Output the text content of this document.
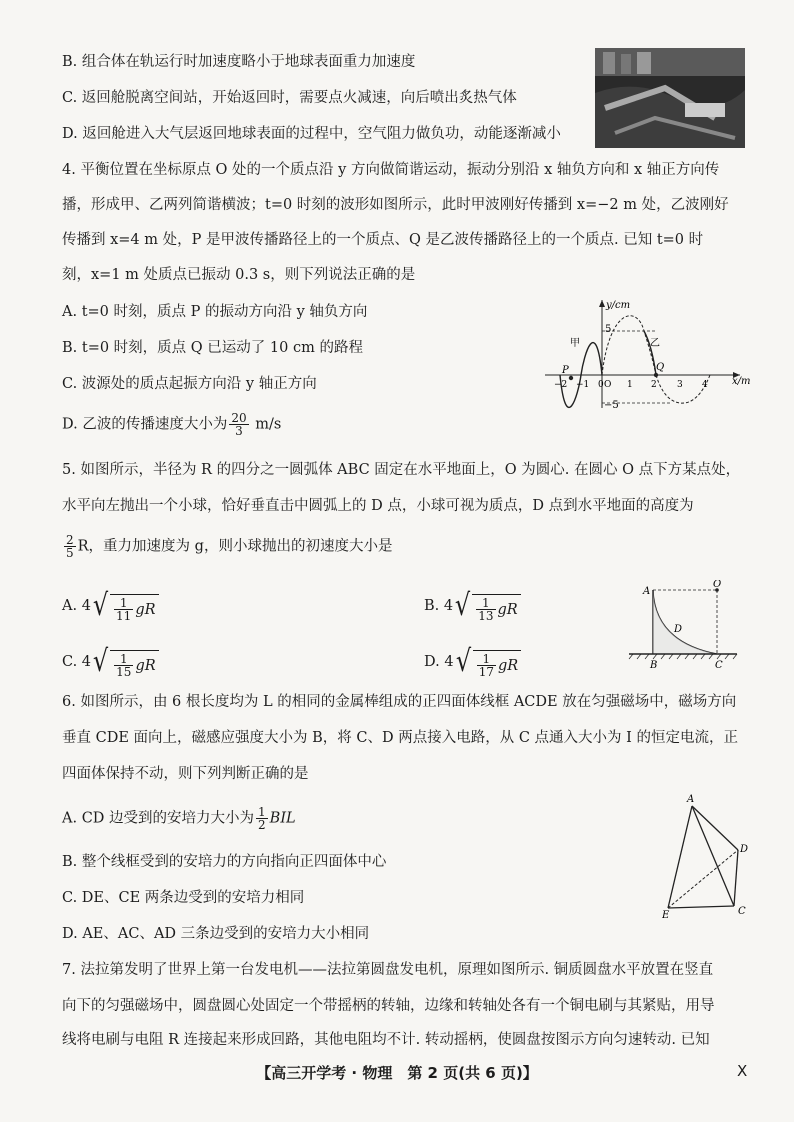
B. 组合体在轨运行时加速度略小于地球表面重力加速度
C. 返回舱脱离空间站，开始返回时，需要点火减速，向后喷出炙热气体
D. 返回舱进入大气层返回地球表面的过程中，空气阻力做负功，动能逐渐减小
4. 平衡位置在坐标原点 O 处的一个质点沿 y 方向做简谐运动，振动分别沿 x 轴负方向和 x 轴正方向传
播，形成甲、乙两列简谐横波；t=0 时刻的波形如图所示，此时甲波刚好传播到 x=−2 m 处，乙波刚好
传播到 x=4 m 处，P 是甲波传播路径上的一个质点、Q 是乙波传播路径上的一个质点. 已知 t=0 时
刻，x=1 m 处质点已振动 0.3 s，则下列说法正确的是
A. t=0 时刻，质点 P 的振动方向沿 y 轴负方向
B. t=0 时刻，质点 Q 已运动了 10 cm 的路程
C. 波源处的质点起振方向沿 y 轴正方向
D. 乙波的传播速度大小为 $\frac{20}{3} m/s$
y/cm
x/m
5
−5
−2 −1 O 1 2 3 4
甲	乙
P	Q
0
5. 如图所示，半径为 R 的四分之一圆弧体 ABC 固定在水平地面上，O 为圆心. 在圆心 O 点下方某点处，
水平向左抛出一个小球，恰好垂直击中圆弧上的 D 点，小球可视为质点，D 点到水平地面的高度为
$\frac{2}{5}$ R，重力加速度为 g，则小球抛出的初速度大小是
A. 4 √ $\frac{1}{11}$ gR	B. 4 √ $\frac{1}{13}$ gR
C. 4 √ $\frac{1}{15}$ gR	D. 4 √ $\frac{1}{17}$ gR
A
O
D
B	C
6. 如图所示，由 6 根长度均为 L 的相同的金属棒组成的正四面体线框 ACDE 放在匀强磁场中，磁场方向
垂直 CDE 面向上，磁感应强度大小为 B，将 C、D 两点接入电路，从 C 点通入大小为 I 的恒定电流，正
四面体保持不动，则下列判断正确的是
A. CD 边受到的安培力大小为 $\frac{1}{2}$ BIL
B. 整个线框受到的安培力的方向指向正四面体中心
C. DE、CE 两条边受到的安培力相同
D. AE、AC、AD 三条边受到的安培力大小相同
A
D
E	C
7. 法拉第发明了世界上第一台发电机——法拉第圆盘发电机，原理如图所示. 铜质圆盘水平放置在竖直
向下的匀强磁场中，圆盘圆心处固定一个带摇柄的转轴，边缘和转轴处各有一个铜电刷与其紧贴，用导
线将电刷与电阻 R 连接起来形成回路，其他电阻均不计. 转动摇柄，使圆盘按图示方向匀速转动. 已知
【高三开学考 · 物理　第 2 页(共 6 页)】	X
